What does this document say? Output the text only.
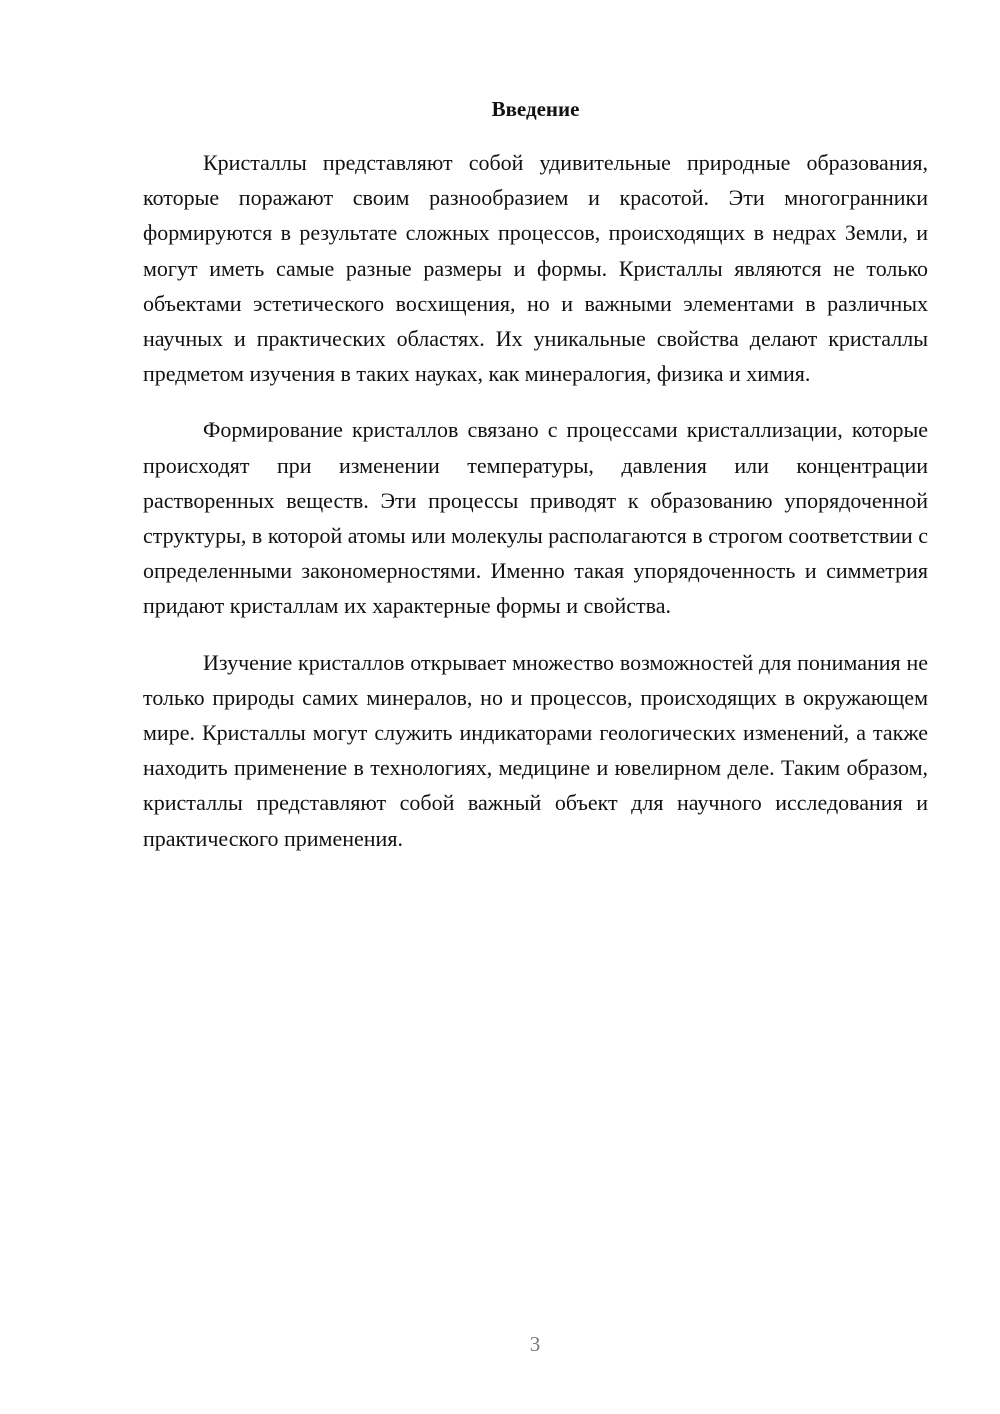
Введение

Кристаллы представляют собой удивительные природные образования, которые поражают своим разнообразием и красотой. Эти многогранники формируются в результате сложных процессов, происходящих в недрах Земли, и могут иметь самые разные размеры и формы. Кристаллы являются не только объектами эстетического восхищения, но и важными элементами в различных научных и практических областях. Их уникальные свойства делают кристаллы предметом изучения в таких науках, как минералогия, физика и химия.

Формирование кристаллов связано с процессами кристаллизации, которые происходят при изменении температуры, давления или концентрации растворенных веществ. Эти процессы приводят к образованию упорядоченной структуры, в которой атомы или молекулы располагаются в строгом соответствии с определенными закономерностями. Именно такая упорядоченность и симметрия придают кристаллам их характерные формы и свойства.

Изучение кристаллов открывает множество возможностей для понимания не только природы самих минералов, но и процессов, происходящих в окружающем мире. Кристаллы могут служить индикаторами геологических изменений, а также находить применение в технологиях, медицине и ювелирном деле. Таким образом, кристаллы представляют собой важный объект для научного исследования и практического применения.

3
